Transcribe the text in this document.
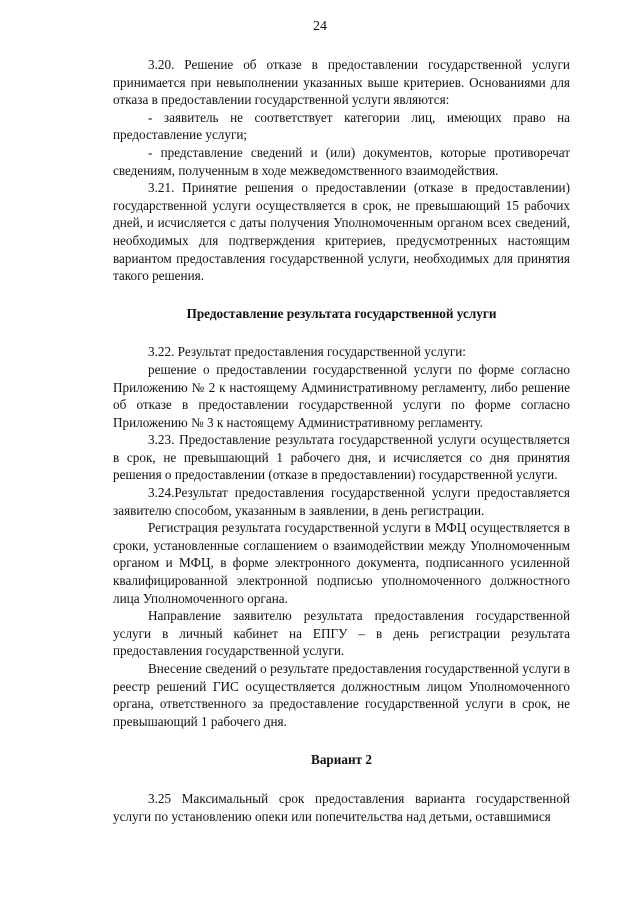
24

3.20. Решение об отказе в предоставлении государственной услуги принимается при невыполнении указанных выше критериев. Основаниями для отказа в предоставлении государственной услуги являются:

- заявитель не соответствует категории лиц, имеющих право на предоставление услуги;
- представление сведений и (или) документов, которые противоречат сведениям, полученным в ходе межведомственного взаимодействия.

3.21. Принятие решения о предоставлении (отказе в предоставлении) государственной услуги осуществляется в срок, не превышающий 15 рабочих дней, и исчисляется с даты получения Уполномоченным органом всех сведений, необходимых для подтверждения критериев, предусмотренных настоящим вариантом предоставления государственной услуги, необходимых для принятия такого решения.

Предоставление результата государственной услуги

3.22. Результат предоставления государственной услуги:

решение о предоставлении государственной услуги по форме согласно Приложению № 2 к настоящему Административному регламенту, либо решение об отказе в предоставлении государственной услуги по форме согласно Приложению № 3 к настоящему Административному регламенту.

3.23. Предоставление результата государственной услуги осуществляется в срок, не превышающий 1 рабочего дня, и исчисляется со дня принятия решения о предоставлении (отказе в предоставлении) государственной услуги.

3.24.Результат предоставления государственной услуги предоставляется заявителю способом, указанным в заявлении, в день регистрации.

Регистрация результата государственной услуги в МФЦ осуществляется в сроки, установленные соглашением о взаимодействии между Уполномоченным органом и МФЦ, в форме электронного документа, подписанного усиленной квалифицированной электронной подписью уполномоченного должностного лица Уполномоченного органа.

Направление заявителю результата предоставления государственной услуги в личный кабинет на ЕПГУ – в день регистрации результата предоставления государственной услуги.

Внесение сведений о результате предоставления государственной услуги в реестр решений ГИС осуществляется должностным лицом Уполномоченного органа, ответственного за предоставление государственной услуги в срок, не превышающий 1 рабочего дня.

Вариант 2

3.25 Максимальный срок предоставления варианта государственной услуги по установлению опеки или попечительства над детьми, оставшимися
